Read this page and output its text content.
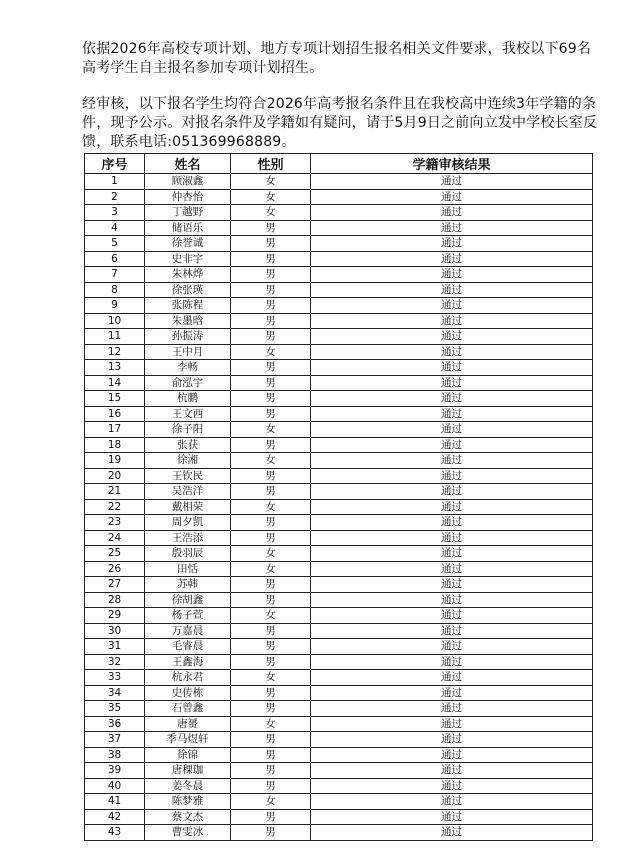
依据2026年高校专项计划、地方专项计划招生报名相关文件要求，我校以下69名高考学生自主报名参加专项计划招生。

经审核，以下报名学生均符合2026年高考报名条件且在我校高中连续3年学籍的条件，现予公示。对报名条件及学籍如有疑问，请于5月9日之前向立发中学校长室反馈，联系电话:051369968889。

序号	姓名	性别	学籍审核结果
1	顾淑鑫	女	通过
2	仲杏怡	女	通过
3	丁越野	女	通过
4	储语乐	男	通过
5	徐誉诚	男	通过
6	史非宇	男	通过
7	朱林烨	男	通过
8	徐张瑛	男	通过
9	张陈程	男	通过
10	朱墨晗	男	通过
11	孙振涛	男	通过
12	王中月	女	通过
13	李畅	男	通过
14	俞泓宇	男	通过
15	杭鹏	男	通过
16	王文西	男	通过
17	徐子阳	女	通过
18	张获	男	通过
19	徐湘	女	通过
20	王钦民	男	通过
21	吴浩洋	男	通过
22	戴相荣	女	通过
23	周夕凯	男	通过
24	王浩添	男	通过
25	殷羽辰	女	通过
26	田恬	女	通过
27	苏韩	男	通过
28	徐胡鑫	男	通过
29	杨子萱	女	通过
30	万嘉晨	男	通过
31	毛睿晨	男	通过
32	王鑫海	男	通过
33	杭永君	女	通过
34	史传栋	男	通过
35	石曾鑫	男	通过
36	唐赟	女	通过
37	季马煜轩	男	通过
38	徐锦	男	通过
39	唐稞珈	男	通过
40	姜冬晨	男	通过
41	陈梦雅	女	通过
42	蔡文杰	男	通过
43	曹雯冰	男	通过
